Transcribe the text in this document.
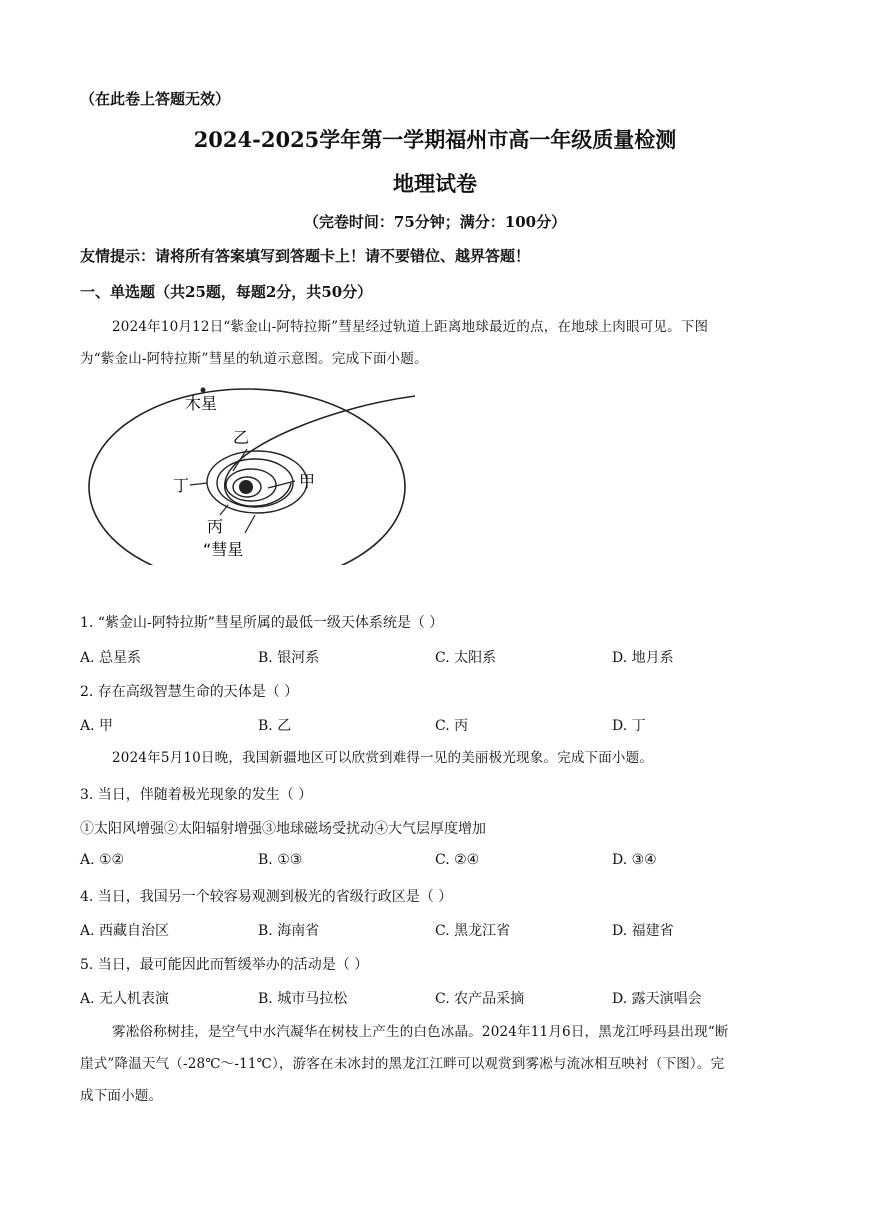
（在此卷上答题无效）
2024-2025学年第一学期福州市高一年级质量检测
地理试卷
（完卷时间：75分钟；满分：100分）
友情提示：请将所有答案填写到答题卡上！请不要错位、越界答题！
一、单选题（共25题，每题2分，共50分）
2024年10月12日“紫金山-阿特拉斯”彗星经过轨道上距离地球最近的点，在地球上肉眼可见。下图
为“紫金山-阿特拉斯”彗星的轨道示意图。完成下面小题。
木星
乙
甲
丁
丙
“彗星
1. “紫金山-阿特拉斯”彗星所属的最低一级天体系统是（ ）
A. 总星系	B. 银河系	C. 太阳系	D. 地月系
2. 存在高级智慧生命的天体是（ ）
A. 甲	B. 乙	C. 丙	D. 丁
2024年5月10日晚，我国新疆地区可以欣赏到难得一见的美丽极光现象。完成下面小题。
3. 当日，伴随着极光现象的发生（ ）
①太阳风增强②太阳辐射增强③地球磁场受扰动④大气层厚度增加
A. ①②	B. ①③	C. ②④	D. ③④
4. 当日，我国另一个较容易观测到极光的省级行政区是（ ）
A. 西藏自治区	B. 海南省	C. 黑龙江省	D. 福建省
5. 当日，最可能因此而暂缓举办的活动是（ ）
A. 无人机表演	B. 城市马拉松	C. 农产品采摘	D. 露天演唱会
雾凇俗称树挂，是空气中水汽凝华在树枝上产生的白色冰晶。2024年11月6日，黑龙江呼玛县出现“断
崖式”降温天气（-28℃～-11℃），游客在未冰封的黑龙江江畔可以观赏到雾凇与流冰相互映衬（下图）。完
成下面小题。
